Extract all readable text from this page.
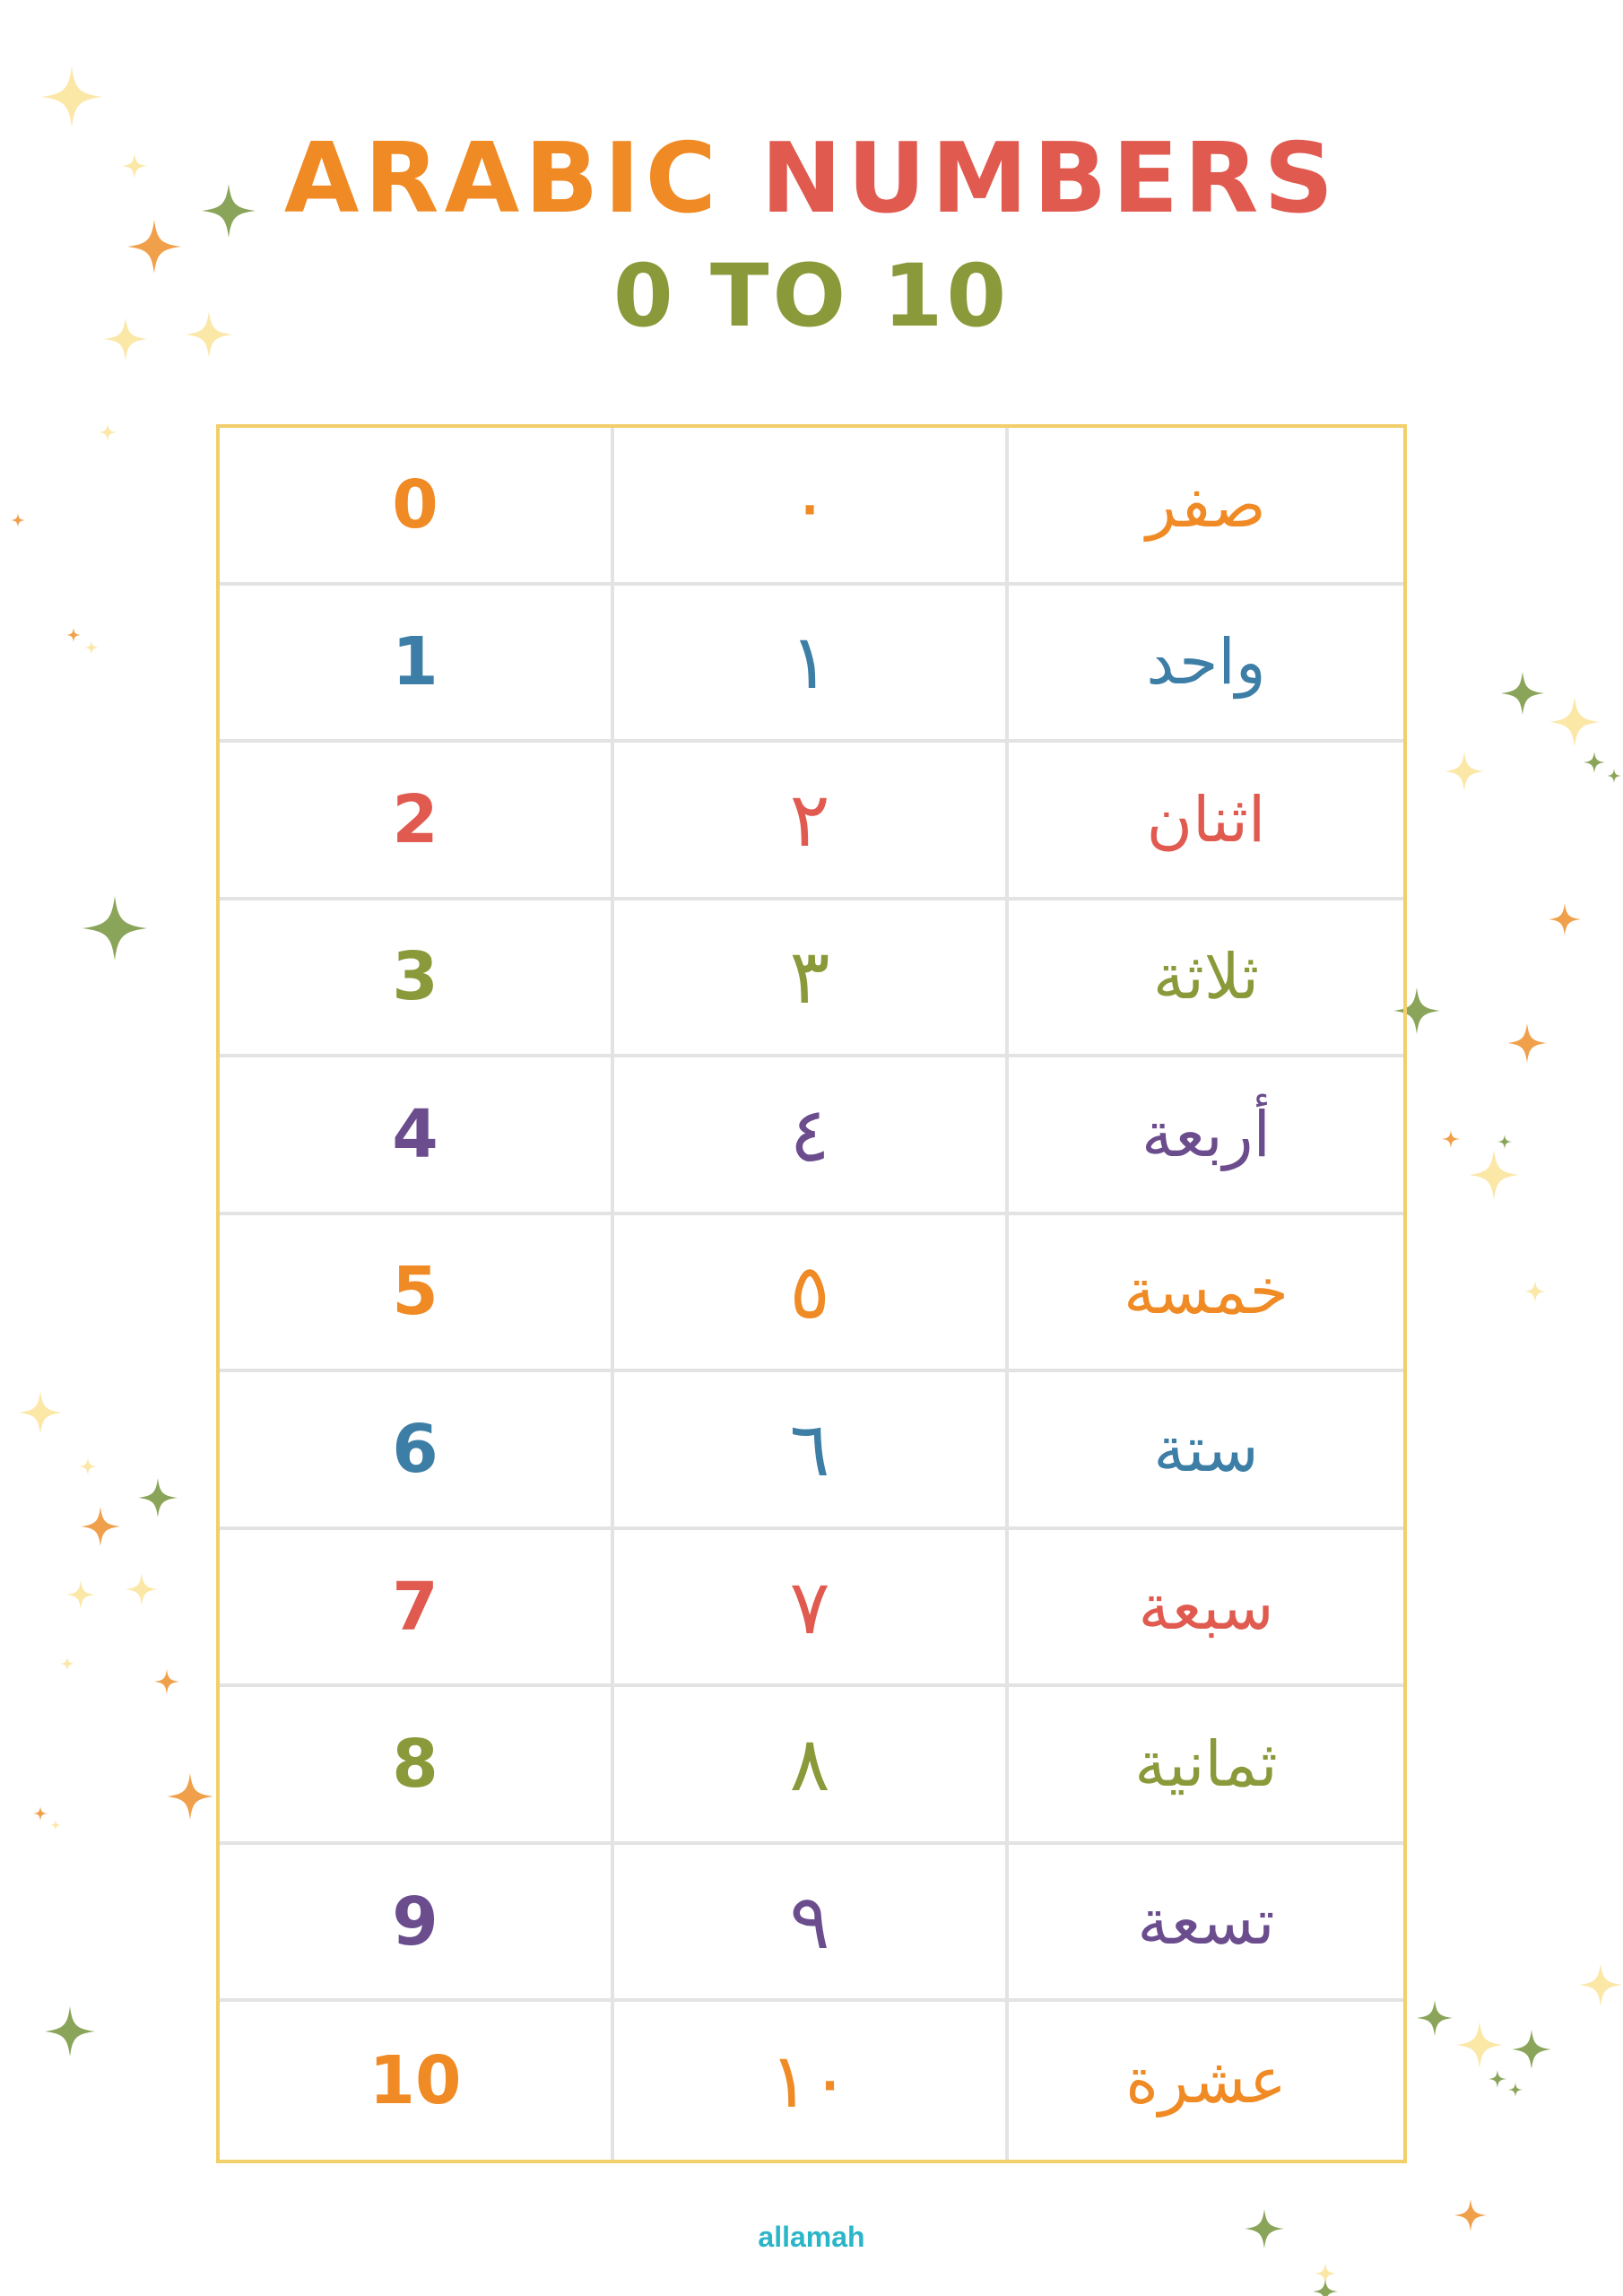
ARABIC NUMBERS
0 TO 10
0	٠	صفر
1	١	واحد
2	٢	اثنان
3	٣	ثلاثة
4	٤	أربعة
5	٥	خمسة
6	٦	ستة
7	٧	سبعة
8	٨	ثمانية
9	٩	تسعة
10	١٠	عشرة
allamah
